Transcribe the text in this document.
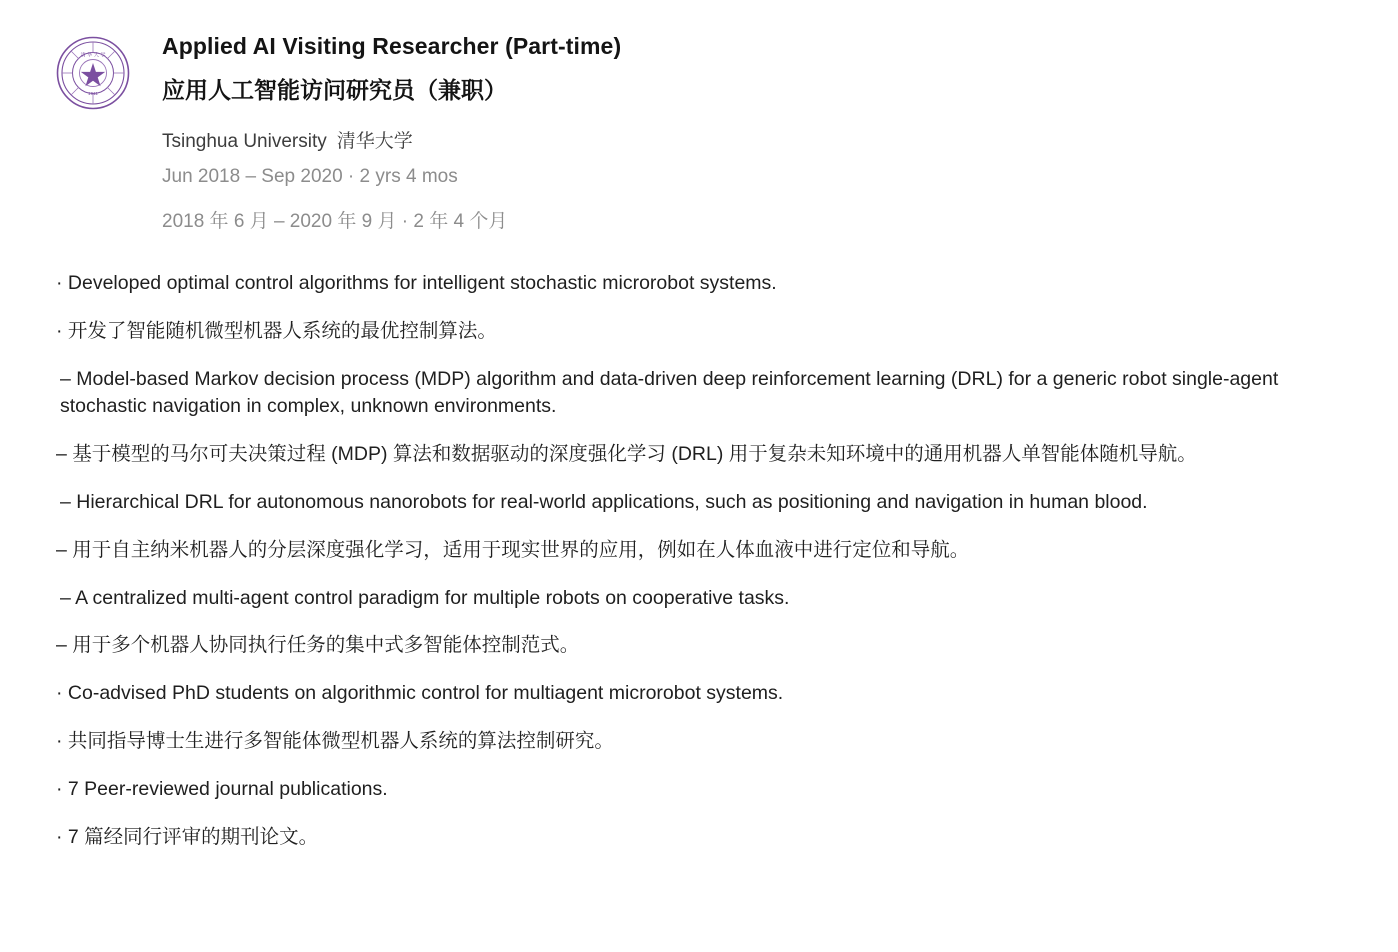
清 华 大 学
1911
Applied AI Visiting Researcher (Part-time)
应用人工智能访问研究员（兼职）
Tsinghua University 清华大学
Jun 2018 – Sep 2020 · 2 yrs 4 mos
2018 年 6 月 – 2020 年 9 月 · 2 年 4 个月
· Developed optimal control algorithms for intelligent stochastic microrobot systems.
· 开发了智能随机微型机器人系统的最优控制算法。
– Model-based Markov decision process (MDP) algorithm and data-driven deep reinforcement learning (DRL) for a generic robot single-agent stochastic navigation in complex, unknown environments.
– 基于模型的马尔可夫决策过程 (MDP) 算法和数据驱动的深度强化学习 (DRL) 用于复杂未知环境中的通用机器人单智能体随机导航。
– Hierarchical DRL for autonomous nanorobots for real-world applications, such as positioning and navigation in human blood.
– 用于自主纳米机器人的分层深度强化学习，适用于现实世界的应用，例如在人体血液中进行定位和导航。
– A centralized multi-agent control paradigm for multiple robots on cooperative tasks.
– 用于多个机器人协同执行任务的集中式多智能体控制范式。
· Co-advised PhD students on algorithmic control for multiagent microrobot systems.
· 共同指导博士生进行多智能体微型机器人系统的算法控制研究。
· 7 Peer-reviewed journal publications.
· 7 篇经同行评审的期刊论文。
